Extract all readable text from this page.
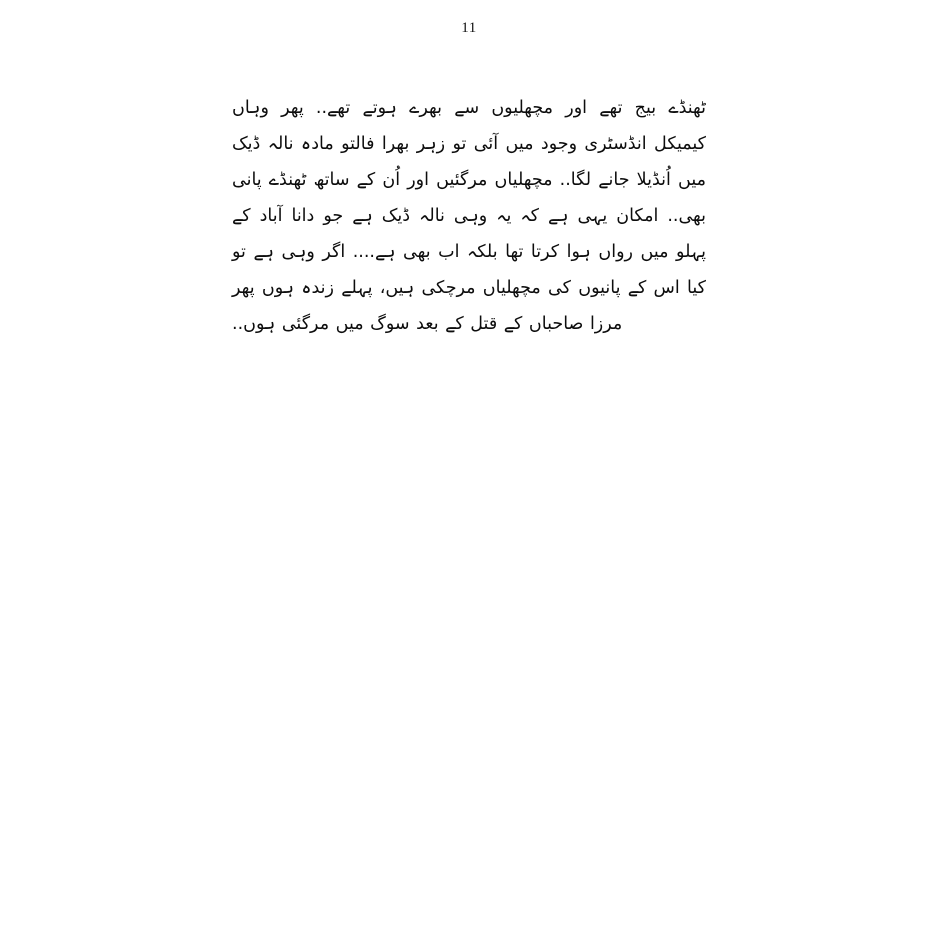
11

ٹھنڈے بیج تھے اور مچھلیوں سے بھرے ہوتے تھے.. پھر وہاں کیمیکل انڈسٹری وجود میں آئی تو زہر بھرا فالتو مادہ نالہ ڈیک میں اُنڈیلا جانے لگا.. مچھلیاں مرگئیں اور اُن کے ساتھ ٹھنڈے پانی بھی.. امکان یہی ہے کہ یہ وہی نالہ ڈیک ہے جو دانا آباد کے پہلو میں رواں ہوا کرتا تھا بلکہ اب بھی ہے.... اگر وہی ہے تو کیا اس کے پانیوں کی مچھلیاں مرچکی ہیں، پہلے زندہ ہوں پھر مرزا صاحباں کے قتل کے بعد سوگ میں مرگئی ہوں..
